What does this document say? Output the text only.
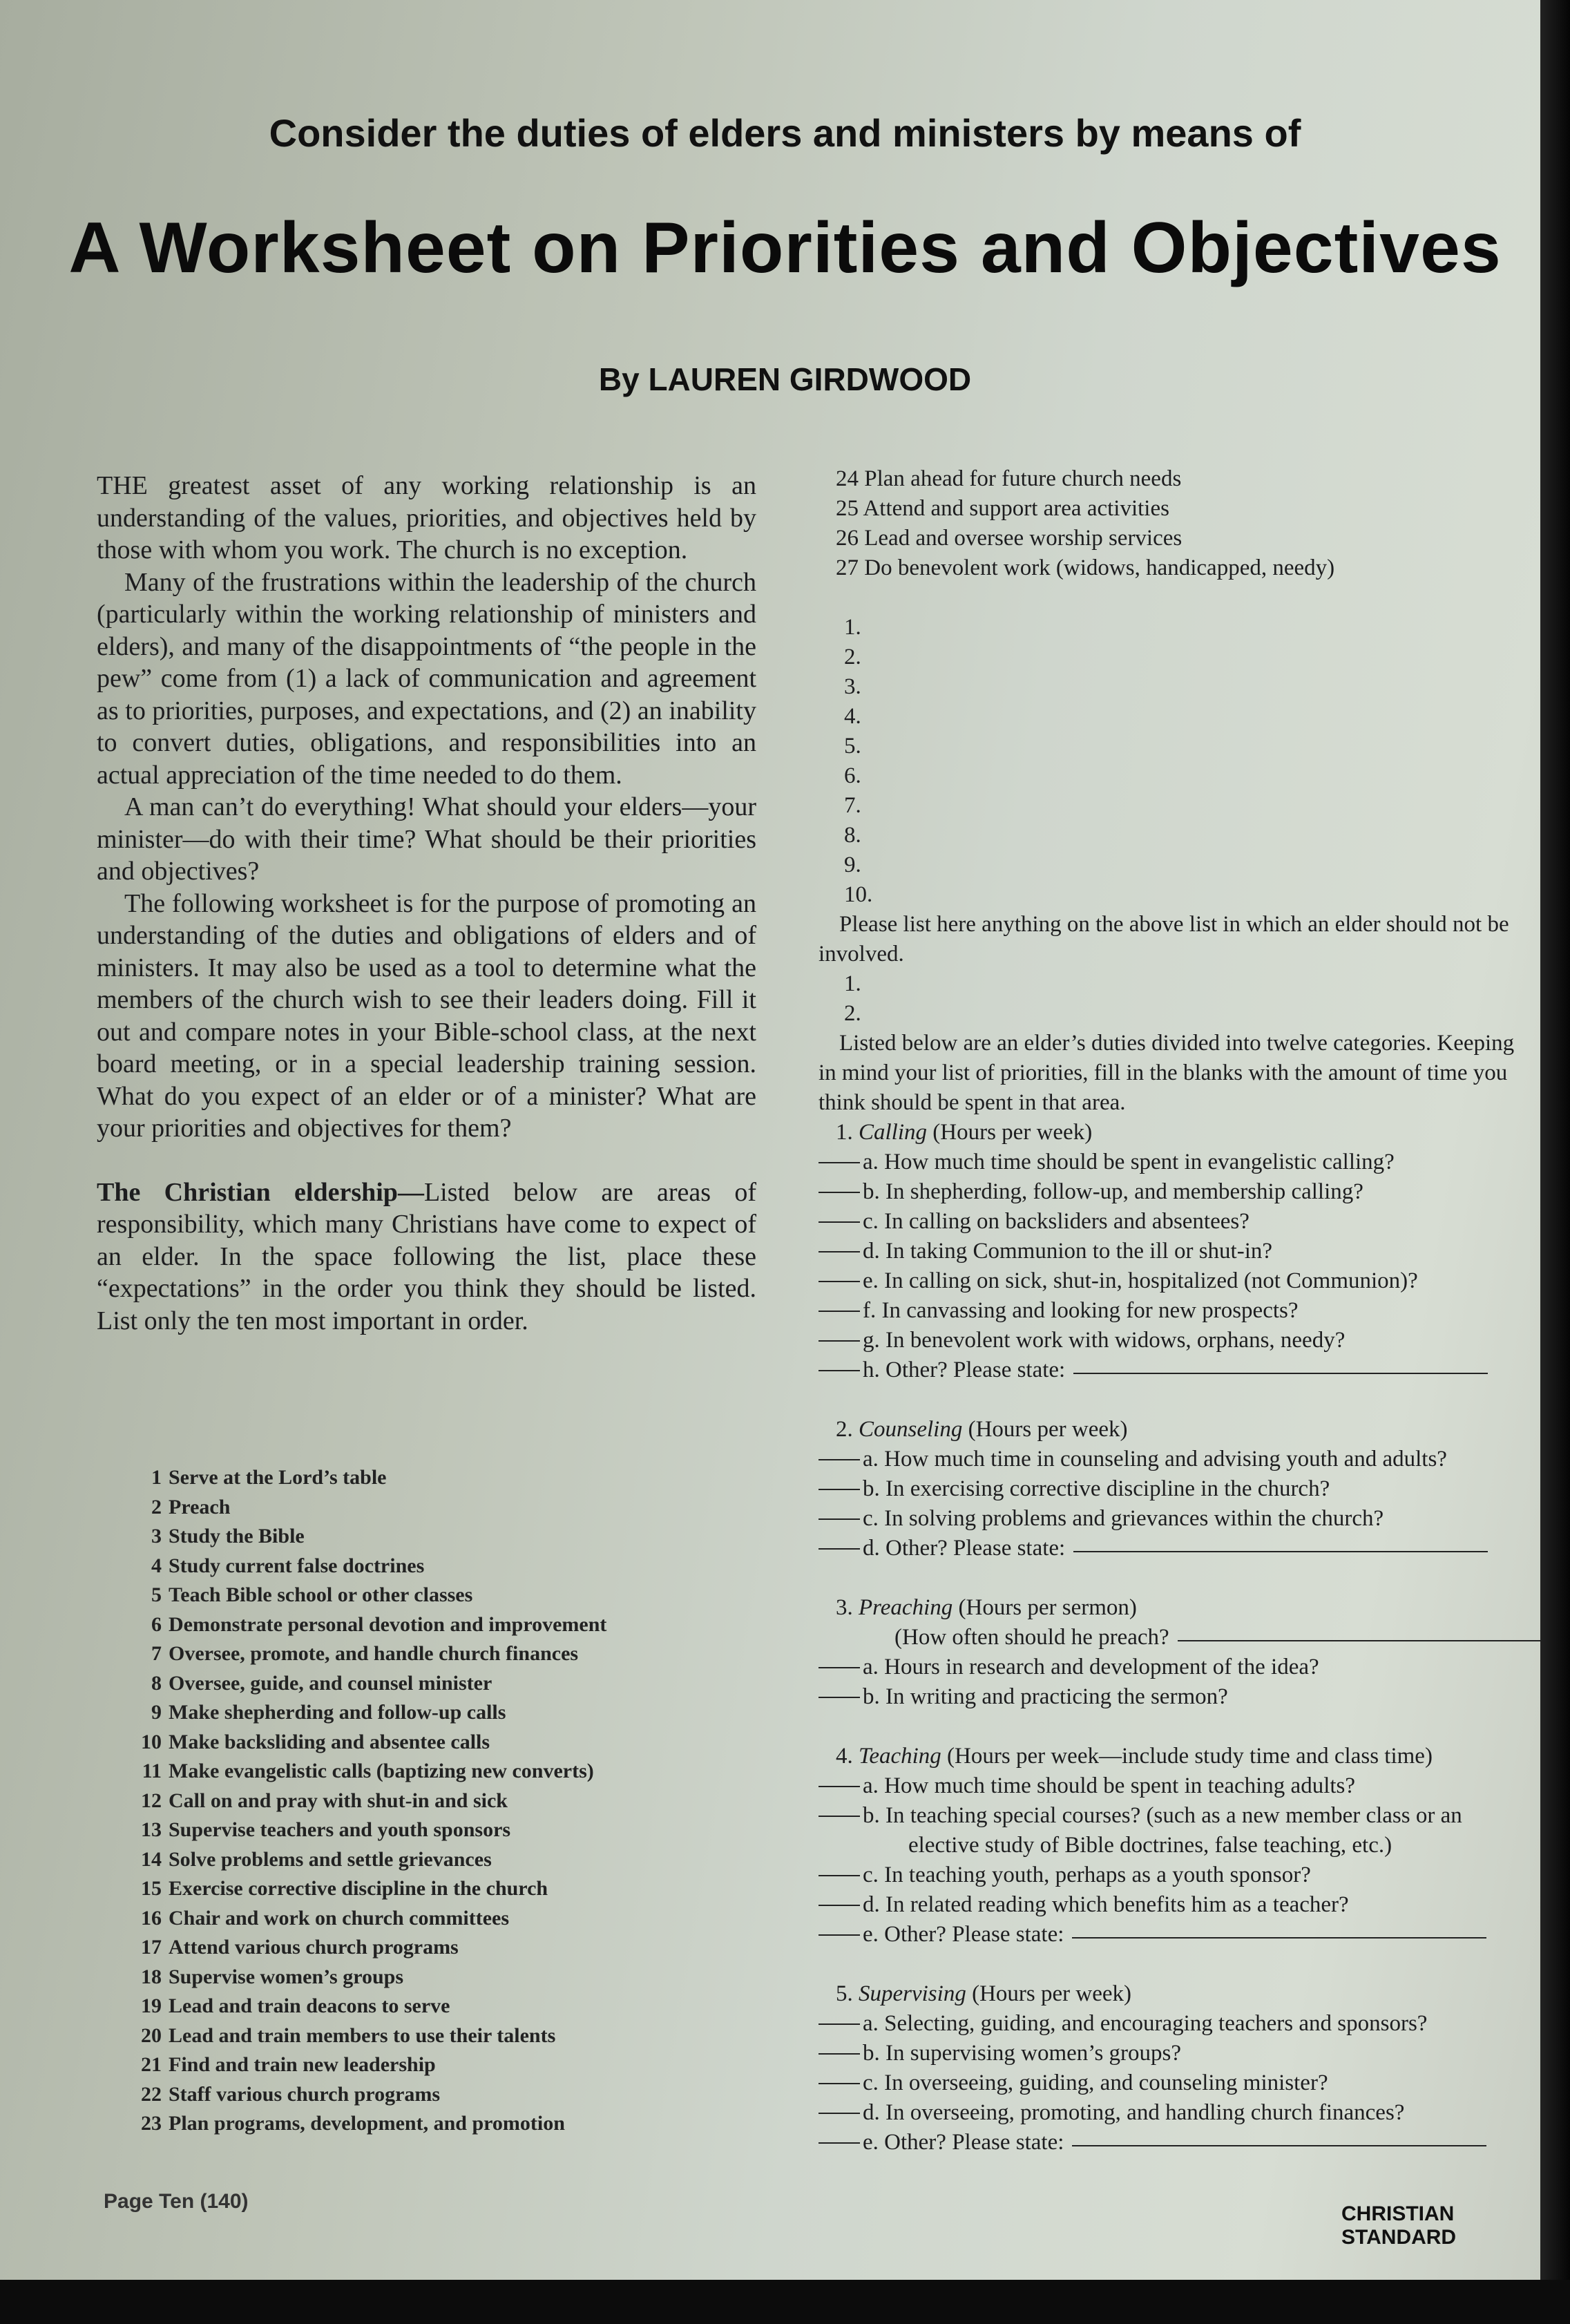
Consider the duties of elders and ministers by means of
A Worksheet on Priorities and Objectives
By LAUREN GIRDWOOD

THE greatest asset of any working relationship is an understanding of the values, priorities, and objectives held by those with whom you work. The church is no exception.

Many of the frustrations within the leadership of the church (particularly within the working relationship of ministers and elders), and many of the disappointments of “the people in the pew” come from (1) a lack of communication and agreement as to priorities, purposes, and expectations, and (2) an inability to convert duties, obligations, and responsibilities into an actual appreciation of the time needed to do them.

A man can’t do everything! What should your elders—your minister—do with their time? What should be their priorities and objectives?

The following worksheet is for the purpose of promoting an understanding of the duties and obligations of elders and of ministers. It may also be used as a tool to determine what the members of the church wish to see their leaders doing. Fill it out and compare notes in your Bible-school class, at the next board meeting, or in a special leadership training session. What do you expect of an elder or of a minister? What are your priorities and objectives for them?

The Christian eldership—Listed below are areas of responsibility, which many Christians have come to expect of an elder. In the space following the list, place these “expectations” in the order you think they should be listed. List only the ten most important in order.

1 Serve at the Lord’s table
2 Preach
3 Study the Bible
4 Study current false doctrines
5 Teach Bible school or other classes
6 Demonstrate personal devotion and improvement
7 Oversee, promote, and handle church finances
8 Oversee, guide, and counsel minister
9 Make shepherding and follow-up calls
10 Make backsliding and absentee calls
11 Make evangelistic calls (baptizing new converts)
12 Call on and pray with shut-in and sick
13 Supervise teachers and youth sponsors
14 Solve problems and settle grievances
15 Exercise corrective discipline in the church
16 Chair and work on church committees
17 Attend various church programs
18 Supervise women’s groups
19 Lead and train deacons to serve
20 Lead and train members to use their talents
21 Find and train new leadership
22 Staff various church programs
23 Plan programs, development, and promotion
24 Plan ahead for future church needs
25 Attend and support area activities
26 Lead and oversee worship services
27 Do benevolent work (widows, handicapped, needy)

1.
2.
3.
4.
5.
6.
7.
8.
9.
10.
Please list here anything on the above list in which an elder should not be involved.
1.
2.
Listed below are an elder’s duties divided into twelve categories. Keeping in mind your list of priorities, fill in the blanks with the amount of time you think should be spent in that area.
1. Calling (Hours per week)
a. How much time should be spent in evangelistic calling?
b. In shepherding, follow-up, and membership calling?
c. In calling on backsliders and absentees?
d. In taking Communion to the ill or shut-in?
e. In calling on sick, shut-in, hospitalized (not Communion)?
f. In canvassing and looking for new prospects?
g. In benevolent work with widows, orphans, needy?
h. Other? Please state:
2. Counseling (Hours per week)
a. How much time in counseling and advising youth and adults?
b. In exercising corrective discipline in the church?
c. In solving problems and grievances within the church?
d. Other? Please state:
3. Preaching (Hours per sermon)
(How often should he preach?
a. Hours in research and development of the idea?
b. In writing and practicing the sermon?
4. Teaching (Hours per week—include study time and class time)
a. How much time should be spent in teaching adults?
b. In teaching special courses? (such as a new member class or an
elective study of Bible doctrines, false teaching, etc.)
c. In teaching youth, perhaps as a youth sponsor?
d. In related reading which benefits him as a teacher?
e. Other? Please state:
5. Supervising (Hours per week)
a. Selecting, guiding, and encouraging teachers and sponsors?
b. In supervising women’s groups?
c. In overseeing, guiding, and counseling minister?
d. In overseeing, promoting, and handling church finances?
e. Other? Please state:
Page Ten (140)
CHRISTIAN STANDARD
